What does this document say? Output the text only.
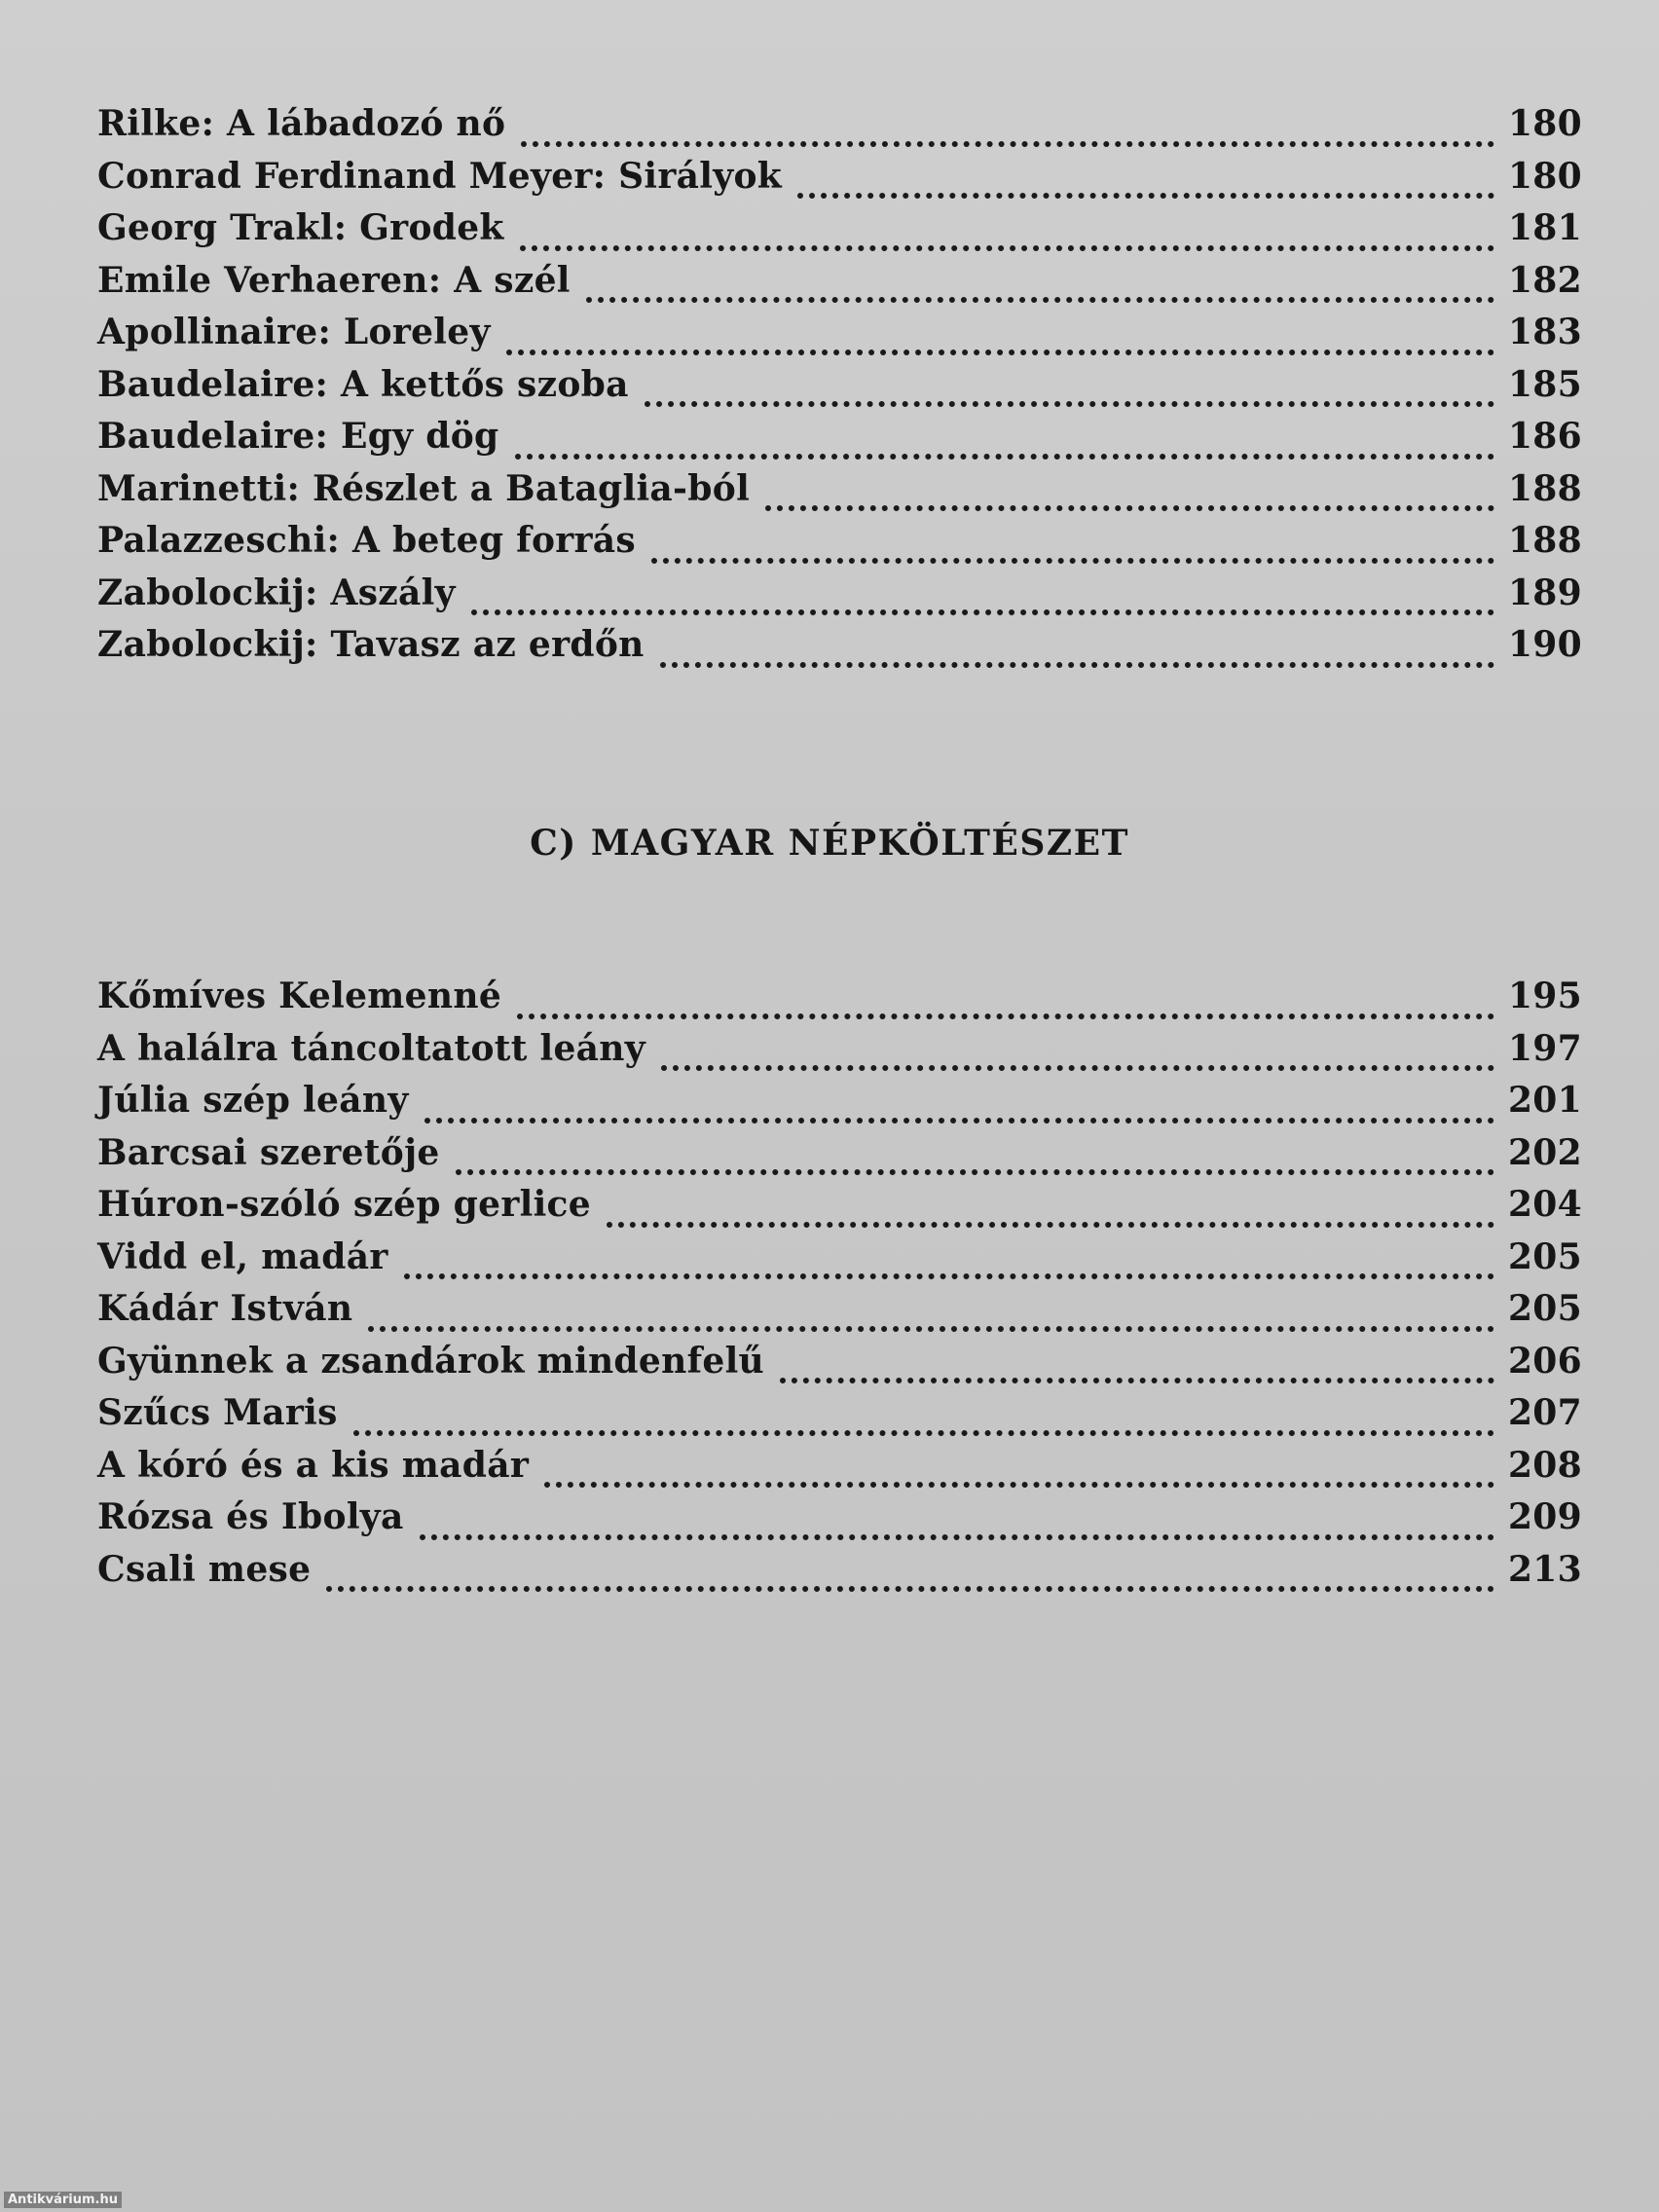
Rilke: A lábadozó nő	180
Conrad Ferdinand Meyer: Sirályok	180
Georg Trakl: Grodek	181
Emile Verhaeren: A szél	182
Apollinaire: Loreley	183
Baudelaire: A kettős szoba	185
Baudelaire: Egy dög	186
Marinetti: Részlet a Bataglia-ból	188
Palazzeschi: A beteg forrás	188
Zabolockij: Aszály	189
Zabolockij: Tavasz az erdőn	190
C) MAGYAR NÉPKÖLTÉSZET
Kőmíves Kelemenné	195
A halálra táncoltatott leány	197
Júlia szép leány	201
Barcsai szeretője	202
Húron-szóló szép gerlice	204
Vidd el, madár	205
Kádár István	205
Gyünnek a zsandárok mindenfelű	206
Szűcs Maris	207
A kóró és a kis madár	208
Rózsa és Ibolya	209
Csali mese	213
Antikvárium.hu
